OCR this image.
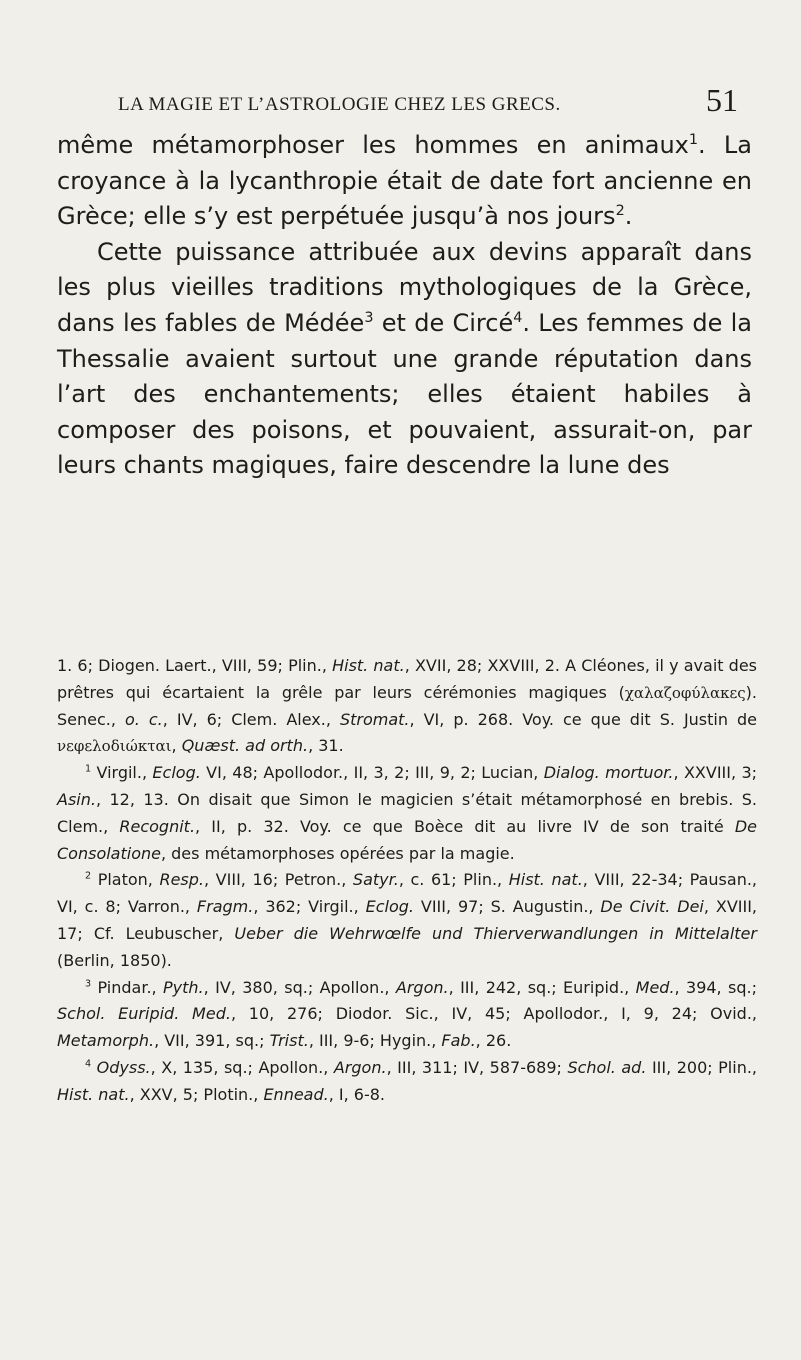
LA MAGIE ET L’ASTROLOGIE CHEZ LES GRECS.	51

même métamorphoser les hommes en animaux$^1$. La croyance à la lycanthropie était de date fort ancienne en Grèce; elle s’y est perpétuée jusqu’à nos jours$^2$.

Cette puissance attribuée aux devins apparaît dans les plus vieilles traditions mythologiques de la Grèce, dans les fables de Médée$^3$ et de Circé$^4$. Les femmes de la Thessalie avaient surtout une grande réputation dans l’art des enchantements; elles étaient habiles à composer des poisons, et pouvaient, assurait-on, par leurs chants magiques, faire descendre la lune des

1. 6; Diogen. Laert., VIII, 59; Plin., Hist. nat., XVII, 28; XXVIII, 2. A Cléones, il y avait des prêtres qui écartaient la grêle par leurs cérémonies magiques (χαλαζοφύλακες). Senec., o. c., IV, 6; Clem. Alex., Stromat., VI, p. 268. Voy. ce que dit S. Justin de νεφελοδιώκται, Quæst. ad orth., 31.

$^1$ Virgil., Eclog. VI, 48; Apollodor., II, 3, 2; III, 9, 2; Lucian, Dialog. mortuor., XXVIII, 3; Asin., 12, 13. On disait que Simon le magicien s’était métamorphosé en brebis. S. Clem., Recognit., II, p. 32. Voy. ce que Boèce dit au livre IV de son traité De Consolatione, des métamorphoses opérées par la magie.

$^2$ Platon, Resp., VIII, 16; Petron., Satyr., c. 61; Plin., Hist. nat., VIII, 22-34; Pausan., VI, c. 8; Varron., Fragm., 362; Virgil., Eclog. VIII, 97; S. Augustin., De Civit. Dei, XVIII, 17; Cf. Leubuscher, Ueber die Wehrwœlfe und Thierverwandlungen in Mittelalter (Berlin, 1850).

$^3$ Pindar., Pyth., IV, 380, sq.; Apollon., Argon., III, 242, sq.; Euripid., Med., 394, sq.; Schol. Euripid. Med., 10, 276; Diodor. Sic., IV, 45; Apollodor., I, 9, 24; Ovid., Metamorph., VII, 391, sq.; Trist., III, 9-6; Hygin., Fab., 26.

$^4$ Odyss., X, 135, sq.; Apollon., Argon., III, 311; IV, 587-689; Schol. ad. III, 200; Plin., Hist. nat., XXV, 5; Plotin., Ennead., I, 6-8.
